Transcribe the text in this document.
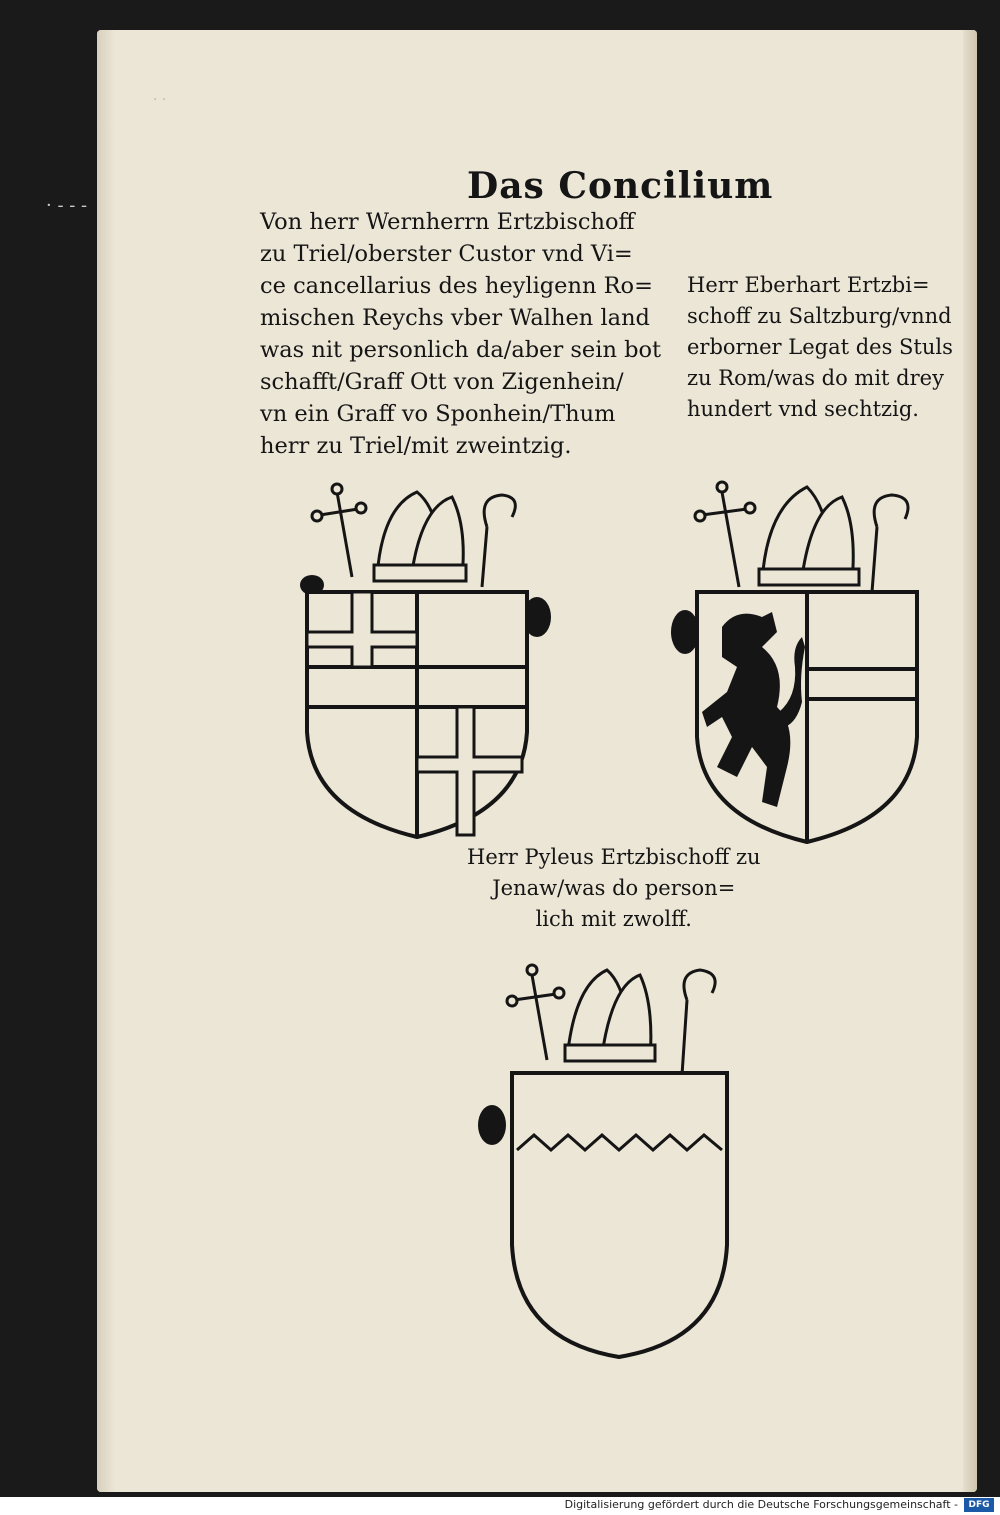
· ·
Das Concilium
Von herr Wernherrn Ertzbischoff
zu Triel/oberster Custor vnd Vi=
ce cancellarius des heyligenn Ro=
mischen Reychs vber Walhen land
was nit personlich da/aber sein bot
schafft/Graff Ott von Zigenhein/
vn ein Graff vo Sponhein/Thum
herr zu Triel/mit zweintzig.
Herr Eberhart Ertzbi=
schoff zu Saltzburg/vnnd
erborner Legat des Stuls
zu Rom/was do mit drey
hundert vnd sechtzig.
Herr Pyleus Ertzbischoff zu
Jenaw/was do person=
lich mit zwolff.
· - - -
Digitalisierung gefördert durch die Deutsche Forschungsgemeinschaft -	DFG
